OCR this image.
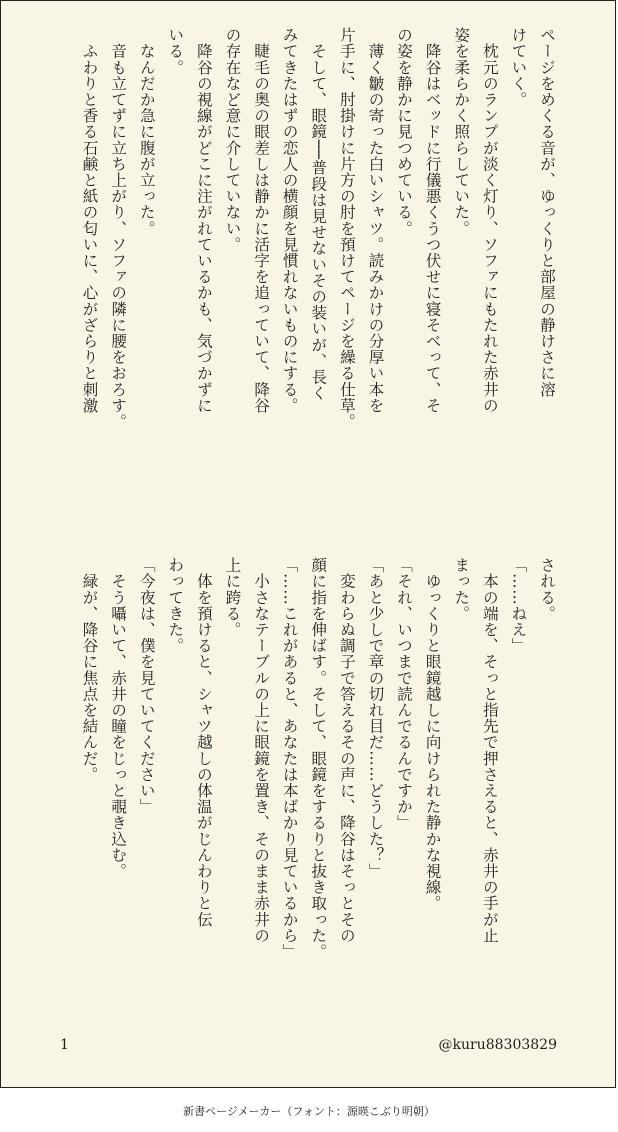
ページをめくる音が、ゆっくりと部屋の静けさに溶
けていく。
　枕元のランプが淡く灯り、ソファにもたれた赤井の
姿を柔らかく照らしていた。
　降谷はベッドに行儀悪くうつ伏せに寝そべって、そ
の姿を静かに見つめている。
　薄く皺の寄った白いシャツ。読みかけの分厚い本を
片手に、肘掛けに片方の肘を預けてページを繰る仕草。
　そして、眼鏡──普段は見せないその装いが、長く
みてきたはずの恋人の横顔を見慣れないものにする。
　睫毛の奥の眼差しは静かに活字を追っていて、降谷
の存在など意に介していない。
　降谷の視線がどこに注がれているかも、気づかずに
いる。
　なんだか急に腹が立った。
　音も立てずに立ち上がり、ソファの隣に腰をおろす。
　ふわりと香る石鹸と紙の匂いに、心がざらりと刺激
される。
「……ねえ」
　本の端を、そっと指先で押さえると、赤井の手が止
まった。
　ゆっくりと眼鏡越しに向けられた静かな視線。
「それ、いつまで読んでるんですか」
「あと少しで章の切れ目だ……どうした？」
　変わらぬ調子で答えるその声に、降谷はそっとその
顔に指を伸ばす。そして、眼鏡をするりと抜き取った。
「……これがあると、あなたは本ばかり見ているから」
　小さなテーブルの上に眼鏡を置き、そのまま赤井の
上に跨る。
　体を預けると、シャツ越しの体温がじんわりと伝
わってきた。
「今夜は、僕を見ていてください」
　そう囁いて、赤井の瞳をじっと覗き込む。
　緑が、降谷に焦点を結んだ。
1	@kuru88303829
新書ページメーカー（フォント：源暎こぶり明朝）
